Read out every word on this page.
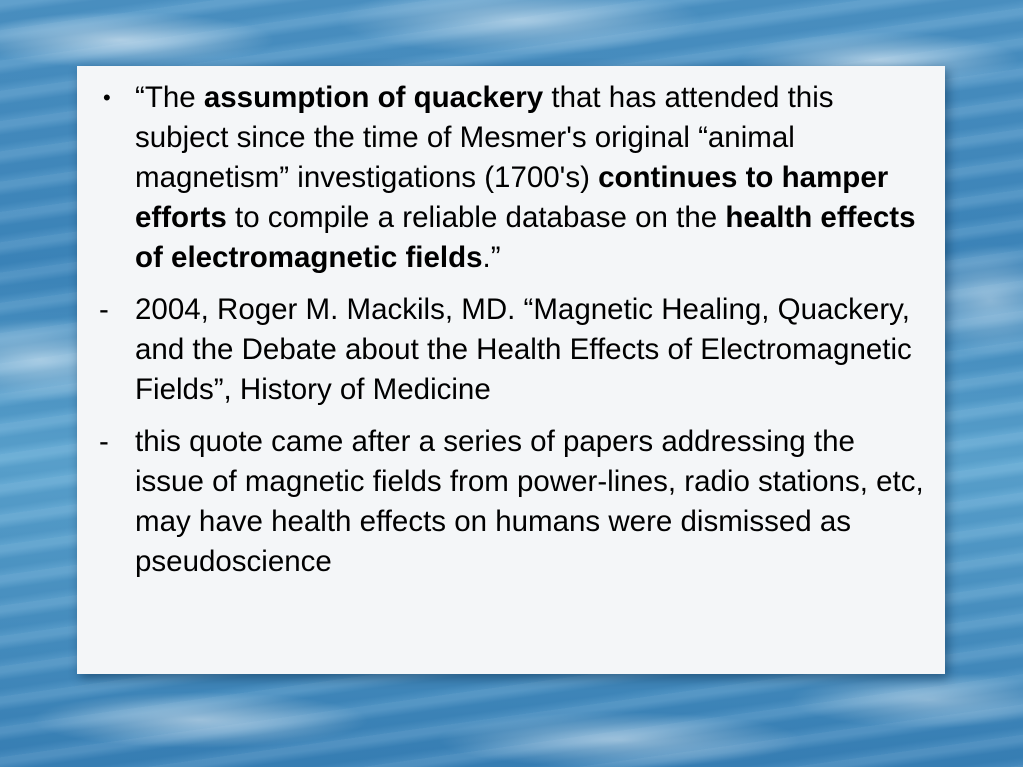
• “The assumption of quackery that has attended this subject since the time of Mesmer's original “animal magnetism” investigations (1700's) continues to hamper efforts to compile a reliable database on the health effects of electromagnetic fields.”

- 2004, Roger M. Mackils, MD. “Magnetic Healing, Quackery, and the Debate about the Health Effects of Electromagnetic Fields”, History of Medicine

- this quote came after a series of papers addressing the issue of magnetic fields from power-lines, radio stations, etc, may have health effects on humans were dismissed as pseudoscience
